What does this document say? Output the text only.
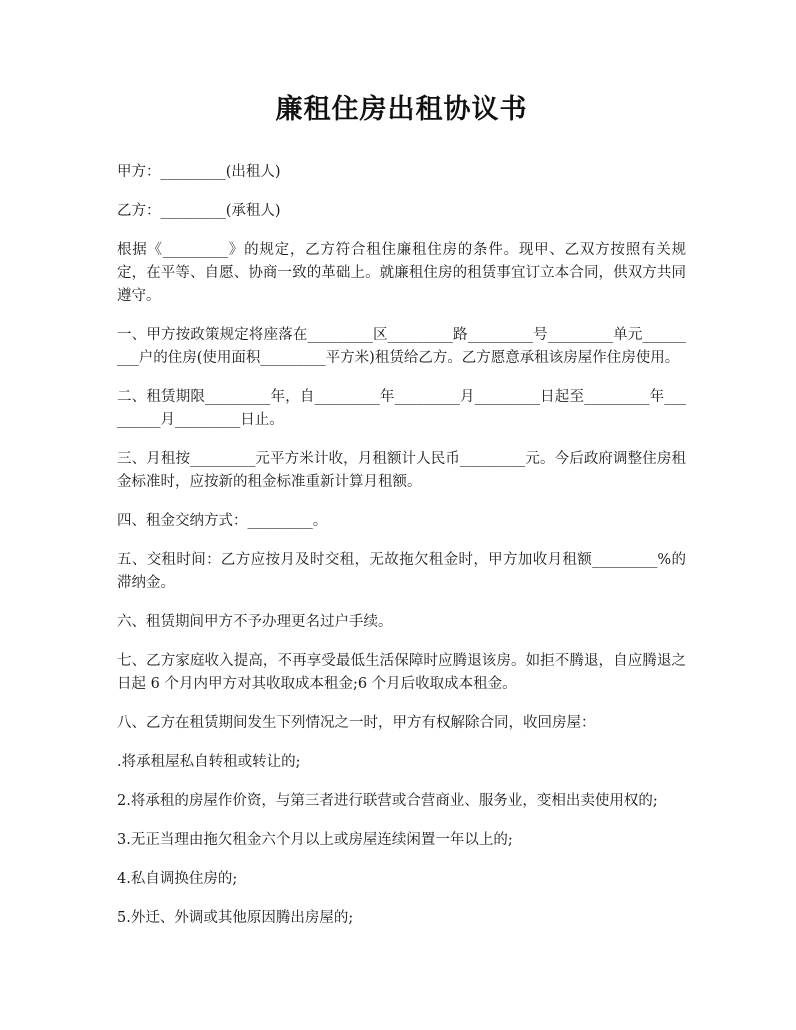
廉租住房出租协议书

甲方：_________(出租人)

乙方：_________(承租人)

根据《_________》的规定，乙方符合租住廉租住房的条件。现甲、乙双方按照有关规定，在平等、自愿、协商一致的革础上。就廉租住房的租赁事宜订立本合同，供双方共同遵守。

一、甲方按政策规定将座落在_________区_________路_________号_________单元_________户的住房(使用面积_________平方米)租赁给乙方。乙方愿意承租该房屋作住房使用。

二、租赁期限_________年，自_________年_________月_________日起至_________年_________月_________日止。

三、月租按_________元平方米计收，月租额计人民币_________元。今后政府调整住房租金标准时，应按新的租金标准重新计算月租额。

四、租金交纳方式：_________。

五、交租时间：乙方应按月及时交租，无故拖欠租金时，甲方加收月租额_________%的滞纳金。

六、租赁期间甲方不予办理更名过户手续。

七、乙方家庭收入提高，不再享受最低生活保障时应腾退该房。如拒不腾退，自应腾退之日起 6 个月内甲方对其收取成本租金;6 个月后收取成本租金。

八、乙方在租赁期间发生下列情况之一时，甲方有权解除合同，收回房屋：

.将承租屋私自转租或转让的;

2.将承租的房屋作价资，与第三者进行联营或合营商业、服务业，变相出卖使用权的;

3.无正当理由拖欠租金六个月以上或房屋连续闲置一年以上的;

4.私自调换住房的;

5.外迁、外调或其他原因腾出房屋的;
